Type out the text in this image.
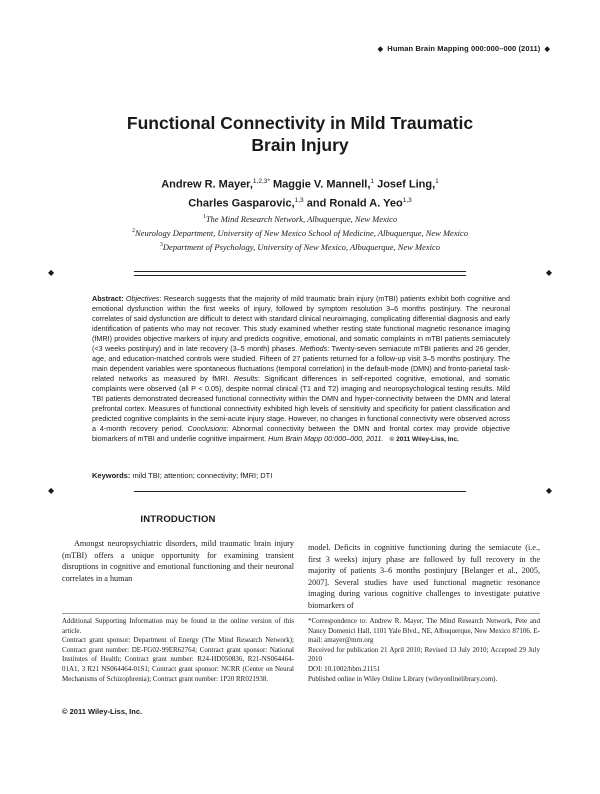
◆ Human Brain Mapping 000:000–000 (2011) ◆
Functional Connectivity in Mild Traumatic
Brain Injury
Andrew R. Mayer,$^{1,2,3*}$ Maggie V. Mannell,$^1$ Josef Ling,$^1$
Charles Gasparovic,$^{1,3}$ and Ronald A. Yeo$^{1,3}$
$^1$The Mind Research Network, Albuquerque, New Mexico
$^2$Neurology Department, University of New Mexico School of Medicine, Albuquerque, New Mexico
$^3$Department of Psychology, University of New Mexico, Albuquerque, New Mexico
◆	◆
Abstract: Objectives: Research suggests that the majority of mild traumatic brain injury (mTBI) patients exhibit both cognitive and emotional dysfunction within the first weeks of injury, followed by symptom resolution 3–6 months postinjury. The neuronal correlates of said dysfunction are difficult to detect with standard clinical neuroimaging, complicating differential diagnosis and early identification of patients who may not recover. This study examined whether resting state functional magnetic resonance imaging (fMRI) provides objective markers of injury and predicts cognitive, emotional, and somatic complaints in mTBI patients semiacutely (<3 weeks postinjury) and in late recovery (3–5 month) phases. Methods: Twenty-seven semiacute mTBI patients and 26 gender, age, and education-matched controls were studied. Fifteen of 27 patients returned for a follow-up visit 3–5 months postinjury. The main dependent variables were spontaneous fluctuations (temporal correlation) in the default-mode (DMN) and fronto-parietal task-related networks as measured by fMRI. Results: Significant differences in self-reported cognitive, emotional, and somatic complaints were observed (all P < 0.05), despite normal clinical (T1 and T2) imaging and neuropsychological testing results. Mild TBI patients demonstrated decreased functional connectivity within the DMN and hyper-connectivity between the DMN and lateral prefrontal cortex. Measures of functional connectivity exhibited high levels of sensitivity and specificity for patient classification and predicted cognitive complaints in the semi-acute injury stage. However, no changes in functional connectivity were observed across a 4-month recovery period. Conclusions: Abnormal connectivity between the DMN and frontal cortex may provide objective biomarkers of mTBI and underlie cognitive impairment. Hum Brain Mapp 00:000–000, 2011. © 2011 Wiley-Liss, Inc.
Keywords: mild TBI; attention; connectivity; fMRI; DTI
◆	◆
INTRODUCTION
Amongst neuropsychiatric disorders, mild traumatic brain injury (mTBI) offers a unique opportunity for examining transient disruptions in cognitive and emotional functioning and their neuronal correlates in a human
model. Deficits in cognitive functioning during the semiacute (i.e., first 3 weeks) injury phase are followed by full recovery in the majority of patients 3–6 months postinjury [Belanger et al., 2005, 2007]. Several studies have used functional magnetic resonance imaging during various cognitive challenges to investigate putative biomarkers of
Additional Supporting Information may be found in the online version of this article.
Contract grant sponsor: Department of Energy (The Mind Research Network); Contract grant number: DE-FG02-99ER62764; Contract grant sponsor: National Institutes of Health; Contract grant number: R24-HD050836, R21-NS064464-01A1, 3 R21 NS064464-01S1; Contract grant sponsor: NCRR (Center on Neural Mechanisms of Schizophrenia); Contract grant number: 1P20 RR021938.
*Correspondence to: Andrew R. Mayer, The Mind Research Network, Pete and Nancy Domenici Hall, 1101 Yale Blvd., NE, Albuquerque, New Mexico 87106. E-mail: amayer@mrn.org
Received for publication 21 April 2010; Revised 13 July 2010; Accepted 29 July 2010
DOI: 10.1002/hbm.21151
Published online in Wiley Online Library (wileyonlinelibrary.com).
© 2011 Wiley-Liss, Inc.
